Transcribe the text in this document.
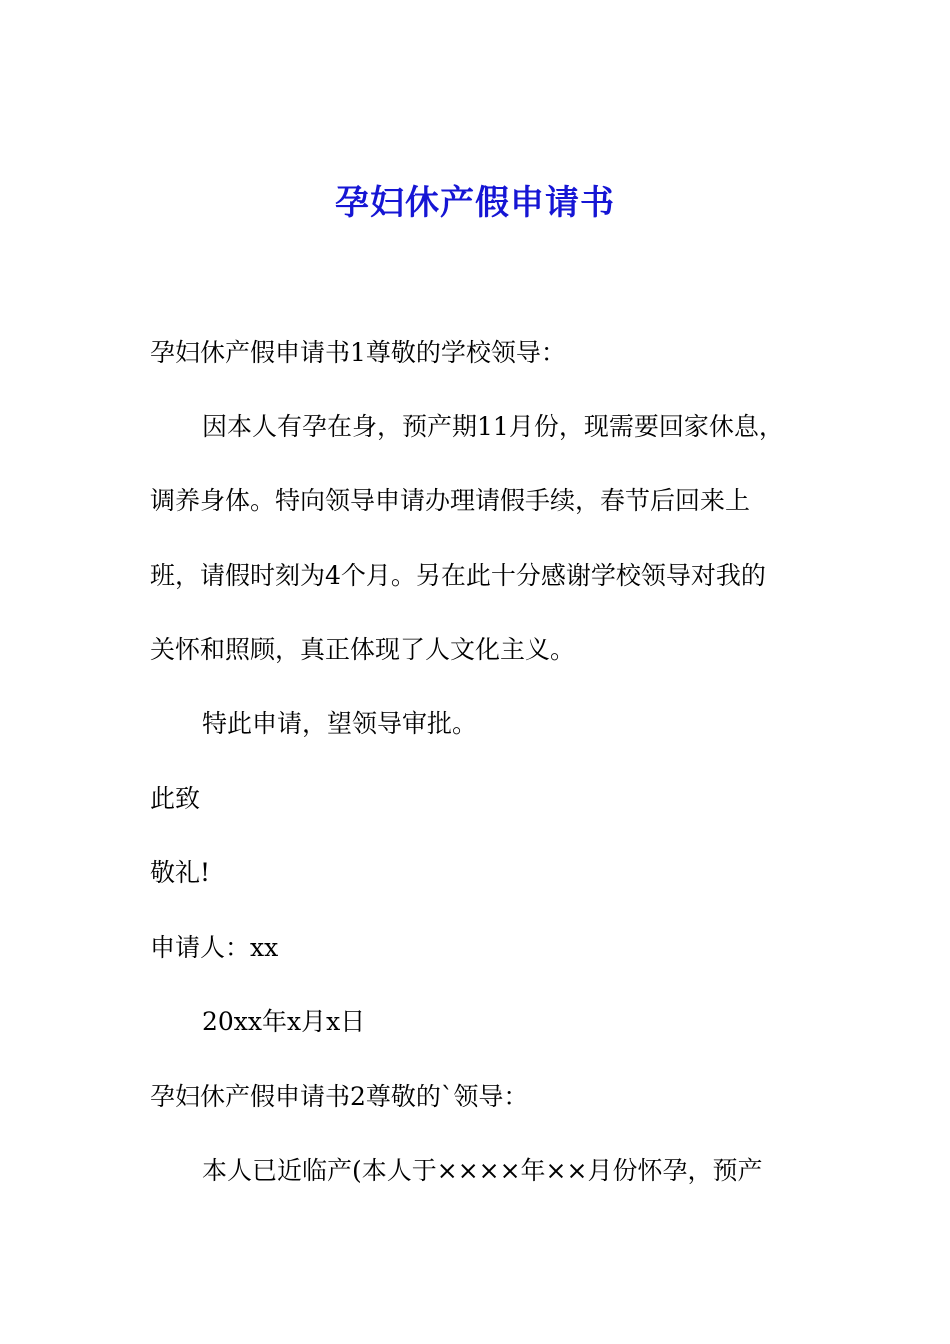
孕妇休产假申请书

孕妇休产假申请书1尊敬的学校领导：

因本人有孕在身，预产期11月份，现需要回家休息，

调养身体。特向领导申请办理请假手续，春节后回来上

班，请假时刻为4个月。另在此十分感谢学校领导对我的

关怀和照顾，真正体现了人文化主义。

特此申请，望领导审批。

此致

敬礼!

申请人：xx

20xx年x月x日

孕妇休产假申请书2尊敬的`领导：

本人已近临产(本人于××××年××月份怀孕，预产
